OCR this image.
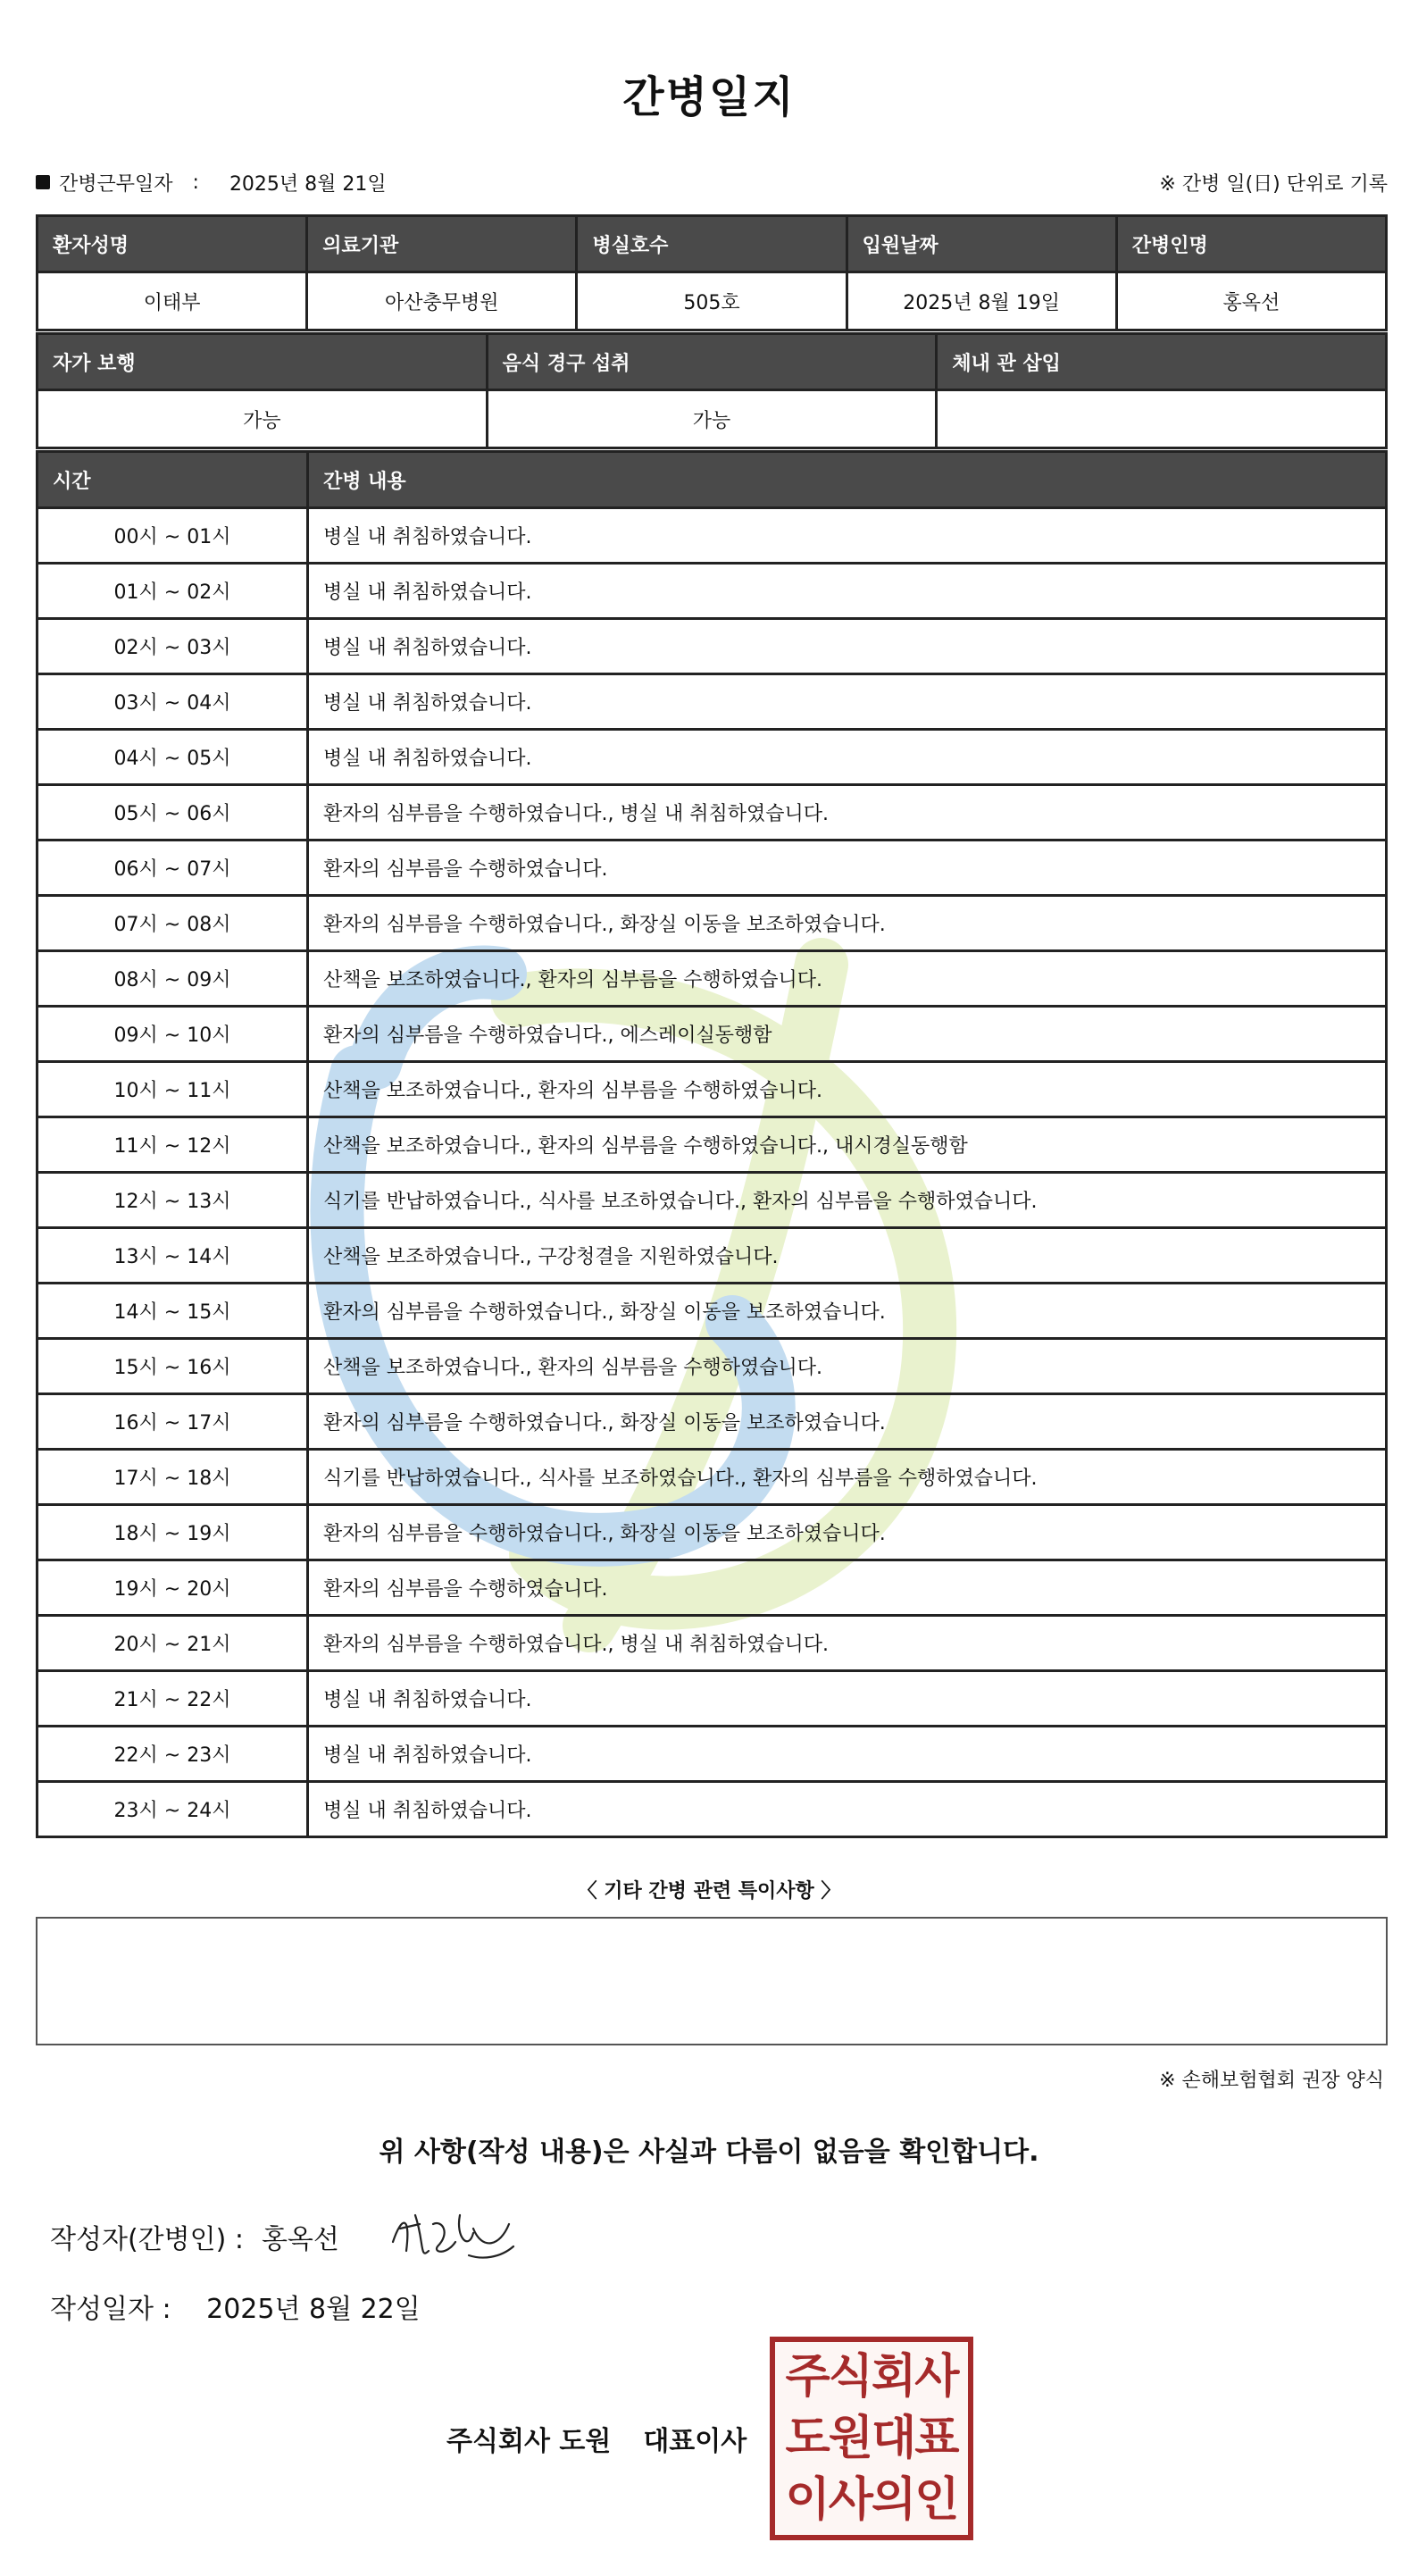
간병일지
간병근무일자 : 2025년 8월 21일	※ 간병 일(日) 단위로 기록
환자성명	의료기관	병실호수	입원날짜	간병인명
이태부	아산충무병원	505호	2025년 8월 19일	홍옥선
자가 보행	음식 경구 섭취	체내 관 삽입
가능	가능	
시간	간병 내용
00시 ~ 01시	병실 내 취침하였습니다.
01시 ~ 02시	병실 내 취침하였습니다.
02시 ~ 03시	병실 내 취침하였습니다.
03시 ~ 04시	병실 내 취침하였습니다.
04시 ~ 05시	병실 내 취침하였습니다.
05시 ~ 06시	환자의 심부름을 수행하였습니다., 병실 내 취침하였습니다.
06시 ~ 07시	환자의 심부름을 수행하였습니다.
07시 ~ 08시	환자의 심부름을 수행하였습니다., 화장실 이동을 보조하였습니다.
08시 ~ 09시	산책을 보조하였습니다., 환자의 심부름을 수행하였습니다.
09시 ~ 10시	환자의 심부름을 수행하였습니다., 에스레이실동행함
10시 ~ 11시	산책을 보조하였습니다., 환자의 심부름을 수행하였습니다.
11시 ~ 12시	산책을 보조하였습니다., 환자의 심부름을 수행하였습니다., 내시경실동행함
12시 ~ 13시	식기를 반납하였습니다., 식사를 보조하였습니다., 환자의 심부름을 수행하였습니다.
13시 ~ 14시	산책을 보조하였습니다., 구강청결을 지원하였습니다.
14시 ~ 15시	환자의 심부름을 수행하였습니다., 화장실 이동을 보조하였습니다.
15시 ~ 16시	산책을 보조하였습니다., 환자의 심부름을 수행하였습니다.
16시 ~ 17시	환자의 심부름을 수행하였습니다., 화장실 이동을 보조하였습니다.
17시 ~ 18시	식기를 반납하였습니다., 식사를 보조하였습니다., 환자의 심부름을 수행하였습니다.
18시 ~ 19시	환자의 심부름을 수행하였습니다., 화장실 이동을 보조하였습니다.
19시 ~ 20시	환자의 심부름을 수행하였습니다.
20시 ~ 21시	환자의 심부름을 수행하였습니다., 병실 내 취침하였습니다.
21시 ~ 22시	병실 내 취침하였습니다.
22시 ~ 23시	병실 내 취침하였습니다.
23시 ~ 24시	병실 내 취침하였습니다.
〈 기타 간병 관련 특이사항 〉
※ 손해보험협회 권장 양식
위 사항(작성 내용)은 사실과 다름이 없음을 확인합니다.
작성자(간병인) : 홍옥선
작성일자 : 2025년 8월 22일
주식회사 도원 대표이사
주식회사
도원대표
이사의인
